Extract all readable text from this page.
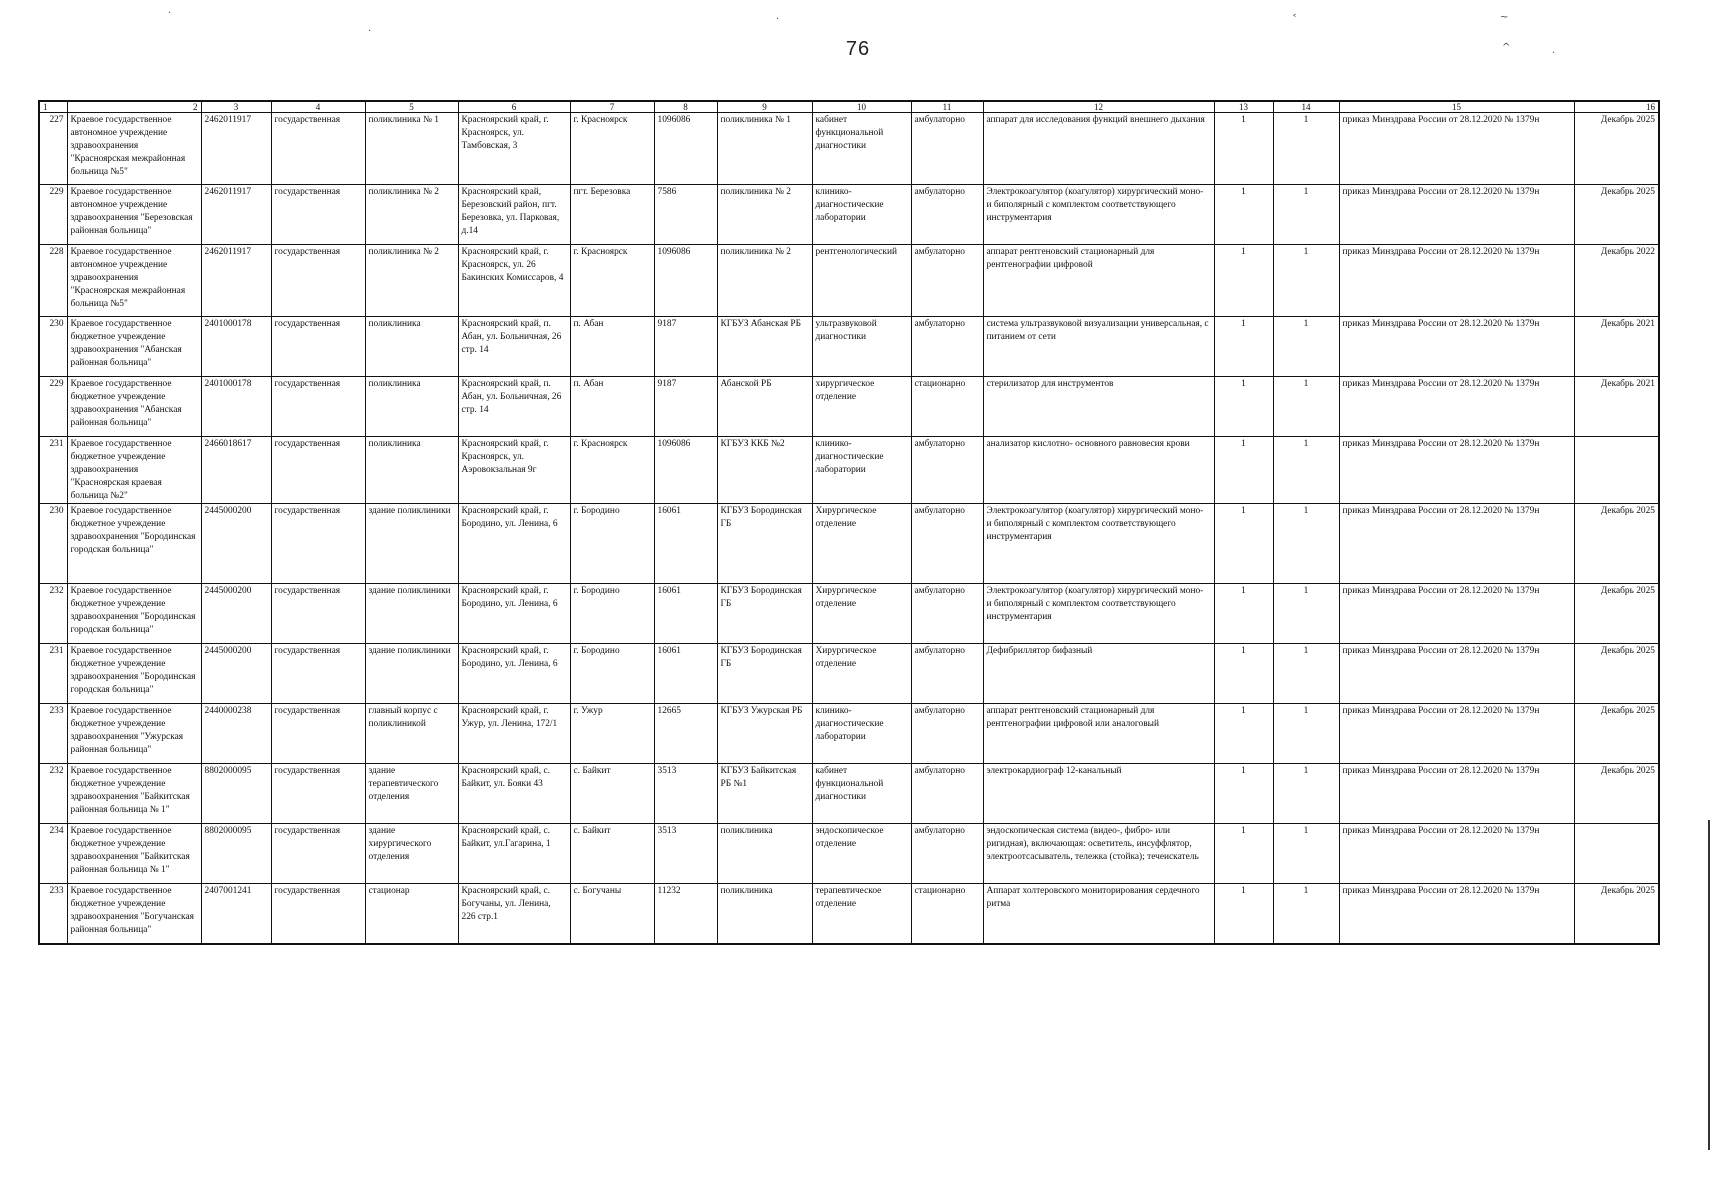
76
·
·
·	˂	~
^
·
1	2	3	4	5	6	7	8	9	10	11	12	13	14	15	16
227	Краевое государственное автономное учреждение здравоохранения "Красноярская межрайонная больница №5"	2462011917	государственная	поликлиника № 1	Красноярский край, г. Красноярск, ул. Тамбовская, 3	г. Красноярск	1096086	поликлиника № 1	кабинет функциональной диагностики	амбулаторно	аппарат для исследования функций внешнего дыхания	1	1	приказ Минздрава России от 28.12.2020 № 1379н	Декабрь 2025
229	Краевое государственное автономное учреждение здравоохранения "Березовская районная больница"	2462011917	государственная	поликлиника № 2	Красноярский край, Березовский район, пгт. Березовка, ул. Парковая, д.14	пгт. Березовка	7586	поликлиника № 2	клинико-диагностические лаборатории	амбулаторно	Электрокоагулятор (коагулятор) хирургический моно- и биполярный с комплектом соответствующего инструментария	1	1	приказ Минздрава России от 28.12.2020 № 1379н	Декабрь 2025
228	Краевое государственное автономное учреждение здравоохранения "Красноярская межрайонная больница №5"	2462011917	государственная	поликлиника № 2	Красноярский край, г. Красноярск, ул. 26 Бакинских Комиссаров, 4	г. Красноярск	1096086	поликлиника № 2	рентгенологический	амбулаторно	аппарат рентгеновский стационарный для рентгенографии цифровой	1	1	приказ Минздрава России от 28.12.2020 № 1379н	Декабрь 2022
230	Краевое государственное бюджетное учреждение здравоохранения "Абанская районная больница"	2401000178	государственная	поликлиника	Красноярский край, п. Абан, ул. Больничная, 26 стр. 14	п. Абан	9187	КГБУЗ Абанская РБ	ультразвуковой диагностики	амбулаторно	система ультразвуковой визуализации универсальная, с питанием от сети	1	1	приказ Минздрава России от 28.12.2020 № 1379н	Декабрь 2021
229	Краевое государственное бюджетное учреждение здравоохранения "Абанская районная больница"	2401000178	государственная	поликлиника	Красноярский край, п. Абан, ул. Больничная, 26 стр. 14	п. Абан	9187	Абанской РБ	хирургическое отделение	стационарно	стерилизатор для инструментов	1	1	приказ Минздрава России от 28.12.2020 № 1379н	Декабрь 2021
231	Краевое государственное бюджетное учреждение здравоохранения "Красноярская краевая больница №2"	2466018617	государственная	поликлиника	Красноярский край, г. Красноярск, ул. Аэровокзальная 9г	г. Красноярск	1096086	КГБУЗ ККБ №2	клинико-диагностические лаборатории	амбулаторно	анализатор кислотно- основного равновесия крови	1	1	приказ Минздрава России от 28.12.2020 № 1379н	
230	Краевое государственное бюджетное учреждение здравоохранения "Бородинская городская больница"	2445000200	государственная	здание поликлиники	Красноярский край, г. Бородино, ул. Ленина, 6	г. Бородино	16061	КГБУЗ Бородинская ГБ	Хирургическое отделение	амбулаторно	Электрокоагулятор (коагулятор) хирургический моно- и биполярный с комплектом соответствующего инструментария	1	1	приказ Минздрава России от 28.12.2020 № 1379н	Декабрь 2025
232	Краевое государственное бюджетное учреждение здравоохранения "Бородинская городская больница"	2445000200	государственная	здание поликлиники	Красноярский край, г. Бородино, ул. Ленина, 6	г. Бородино	16061	КГБУЗ Бородинская ГБ	Хирургическое отделение	амбулаторно	Электрокоагулятор (коагулятор) хирургический моно- и биполярный с комплектом соответствующего инструментария	1	1	приказ Минздрава России от 28.12.2020 № 1379н	Декабрь 2025
231	Краевое государственное бюджетное учреждение здравоохранения "Бородинская городская больница"	2445000200	государственная	здание поликлиники	Красноярский край, г. Бородино, ул. Ленина, 6	г. Бородино	16061	КГБУЗ Бородинская ГБ	Хирургическое отделение	амбулаторно	Дефибриллятор бифазный	1	1	приказ Минздрава России от 28.12.2020 № 1379н	Декабрь 2025
233	Краевое государственное бюджетное учреждение здравоохранения "Ужурская районная больница"	2440000238	государственная	главный корпус с поликлиникой	Красноярский край, г. Ужур, ул. Ленина, 172/1	г. Ужур	12665	КГБУЗ Ужурская РБ	клинико-диагностические лаборатории	амбулаторно	аппарат рентгеновский стационарный для рентгенографии цифровой или аналоговый	1	1	приказ Минздрава России от 28.12.2020 № 1379н	Декабрь 2025
232	Краевое государственное бюджетное учреждение здравоохранения "Байкитская районная больница № 1"	8802000095	государственная	здание терапевтического отделения	Красноярский край, с. Байкит, ул. Бояки 43	с. Байкит	3513	КГБУЗ Байкитская РБ №1	кабинет функциональной диагностики	амбулаторно	электрокардиограф 12-канальный	1	1	приказ Минздрава России от 28.12.2020 № 1379н	Декабрь 2025
234	Краевое государственное бюджетное учреждение здравоохранения "Байкитская районная больница № 1"	8802000095	государственная	здание хирургического отделения	Красноярский край, с. Байкит, ул.Гагарина, 1	с. Байкит	3513	поликлиника	эндоскопическое отделение	амбулаторно	эндоскопическая система (видео-, фибро- или ригидная), включающая: осветитель, инсуффлятор, электроотсасыватель, тележка (стойка); течеискатель	1	1	приказ Минздрава России от 28.12.2020 № 1379н	
233	Краевое государственное бюджетное учреждение здравоохранения "Богучанская районная больница"	2407001241	государственная	стационар	Красноярский край, с. Богучаны, ул. Ленина, 226 стр.1	с. Богучаны	11232	поликлиника	терапевтическое отделение	стационарно	Аппарат холтеровского мониторирования сердечного ритма	1	1	приказ Минздрава России от 28.12.2020 № 1379н	Декабрь 2025
